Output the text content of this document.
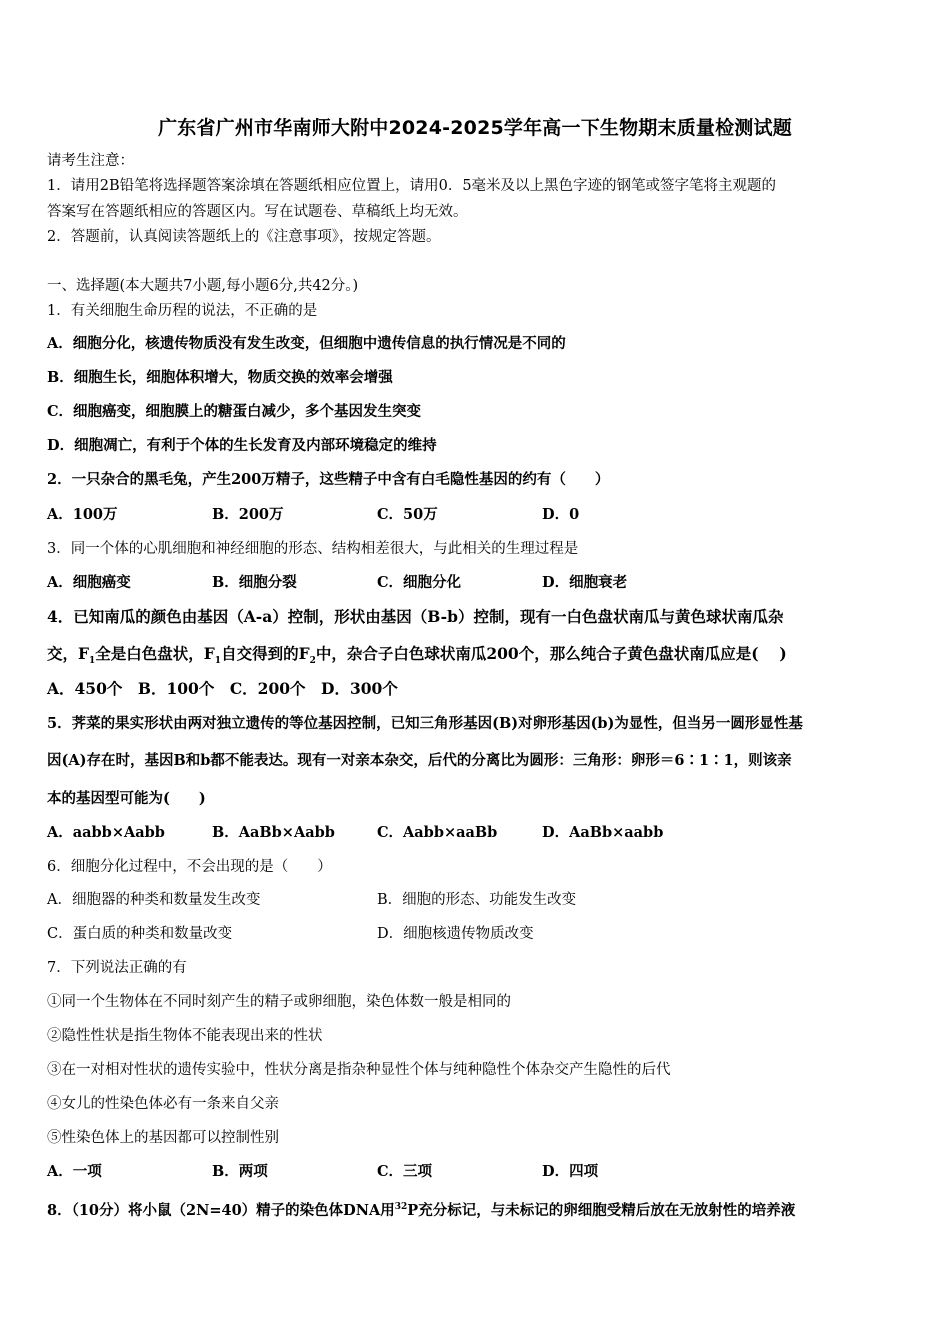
广东省广州市华南师大附中2024-2025学年高一下生物期末质量检测试题
请考生注意：
1．请用2B铅笔将选择题答案涂填在答题纸相应位置上，请用0．5毫米及以上黑色字迹的钢笔或签字笔将主观题的
答案写在答题纸相应的答题区内。写在试题卷、草稿纸上均无效。
2．答题前，认真阅读答题纸上的《注意事项》，按规定答题。
一、选择题(本大题共7小题,每小题6分,共42分。)
1．有关细胞生命历程的说法，不正确的是
A．细胞分化，核遗传物质没有发生改变，但细胞中遗传信息的执行情况是不同的
B．细胞生长，细胞体积增大，物质交换的效率会增强
C．细胞癌变，细胞膜上的糖蛋白减少，多个基因发生突变
D．细胞凋亡，有利于个体的生长发育及内部环境稳定的维持
2．一只杂合的黑毛兔，产生200万精子，这些精子中含有白毛隐性基因的约有（　　）
A．100万	B．200万	C．50万	D．0
3．同一个体的心肌细胞和神经细胞的形态、结构相差很大，与此相关的生理过程是
A．细胞癌变	B．细胞分裂	C．细胞分化	D．细胞衰老
4．已知南瓜的颜色由基因（A-a）控制，形状由基因（B-b）控制，现有一白色盘状南瓜与黄色球状南瓜杂
交，$F_1$全是白色盘状，$F_1$自交得到的$F_2$中，杂合子白色球状南瓜200个，那么纯合子黄色盘状南瓜应是(　 )
A．450个　B．100个　C．200个　D．300个
5．荠菜的果实形状由两对独立遗传的等位基因控制，已知三角形基因(B)对卵形基因(b)为显性，但当另一圆形显性基
因(A)存在时，基因B和b都不能表达。现有一对亲本杂交，后代的分离比为圆形：三角形：卵形＝6∶1∶1，则该亲
本的基因型可能为(　　)
A．aabb×Aabb	B．AaBb×Aabb	C．Aabb×aaBb	D．AaBb×aabb
6．细胞分化过程中，不会出现的是（　　）
A．细胞器的种类和数量发生改变	B．细胞的形态、功能发生改变
C．蛋白质的种类和数量改变	D．细胞核遗传物质改变
7．下列说法正确的有
①同一个生物体在不同时刻产生的精子或卵细胞，染色体数一般是相同的
②隐性性状是指生物体不能表现出来的性状
③在一对相对性状的遗传实验中，性状分离是指杂种显性个体与纯种隐性个体杂交产生隐性的后代
④女儿的性染色体必有一条来自父亲
⑤性染色体上的基因都可以控制性别
A．一项	B．两项	C．三项	D．四项
8．（10分）将小鼠（2N=40）精子的染色体DNA用$^{32}$P充分标记，与未标记的卵细胞受精后放在无放射性的培养液
